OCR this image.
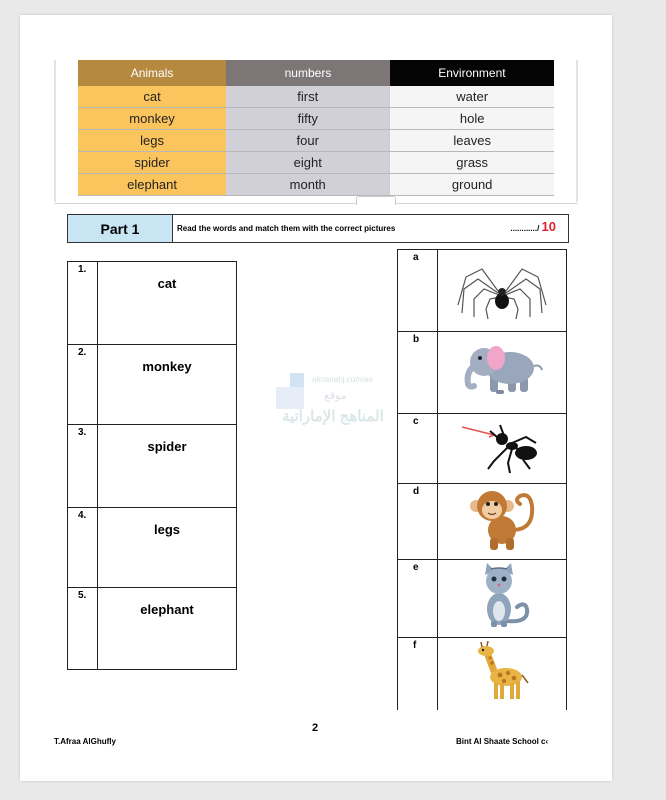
Animals	numbers	Environment
cat	first	water
monkey	fifty	hole
legs	four	leaves
spider	eight	grass
elephant	month	ground
Part 1	Read the words and match them with the correct pictures	............/ 10
1.	cat
2.	monkey
3.	spider
4.	legs
5.	elephant
a	
b	
c	
d	
e	
f	
almanahj.com/ae
موقع
المناهج الإماراتية
2
T.Afraa AlGhufly	Bint Al Shaate School c‹
